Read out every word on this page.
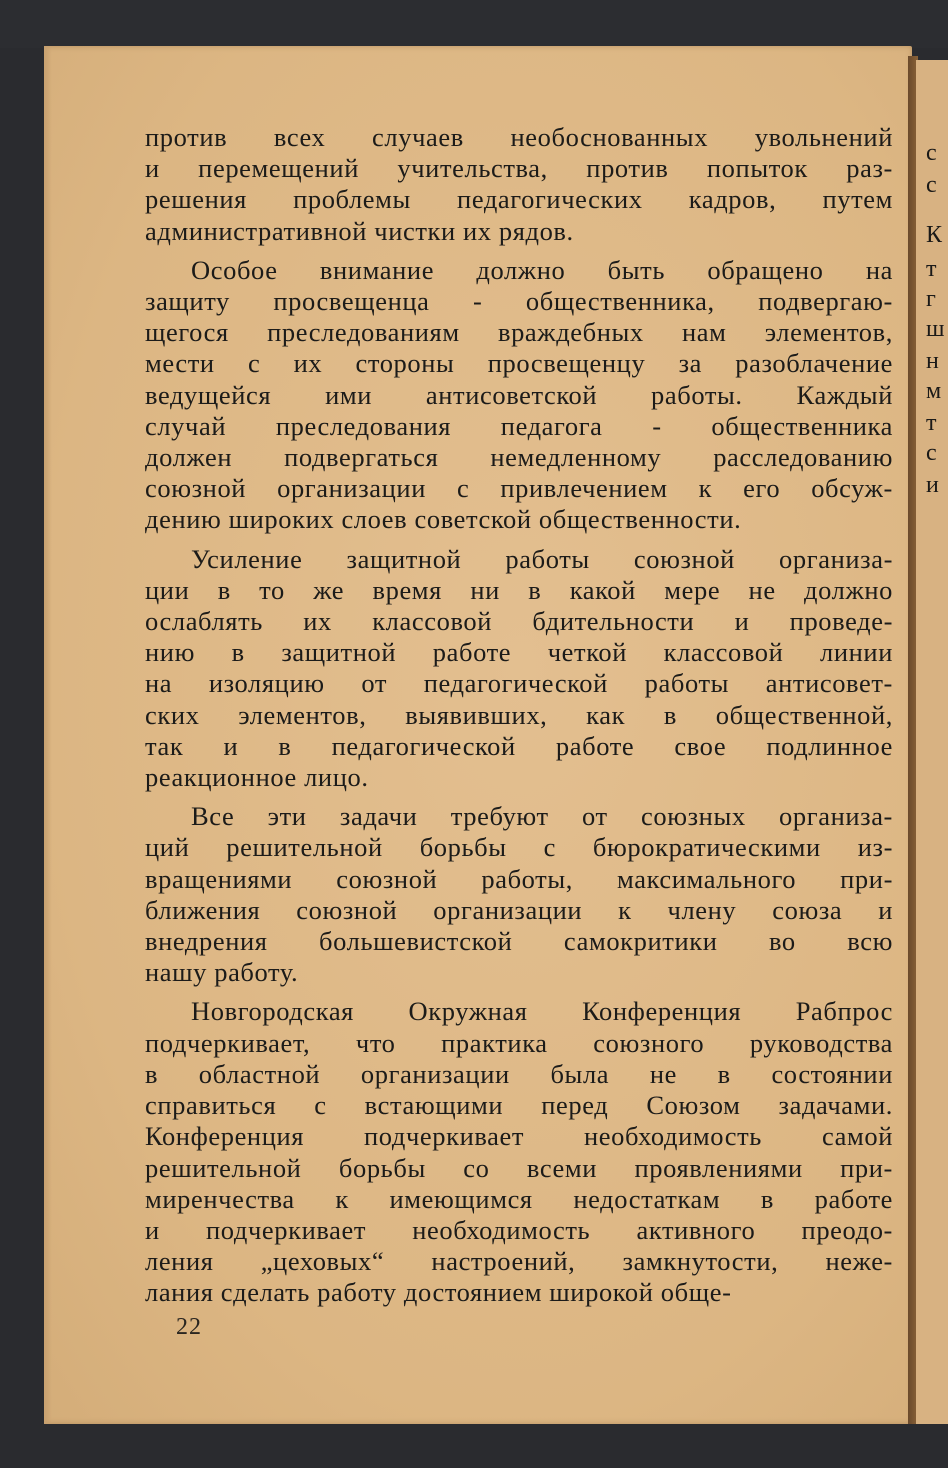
с
с
К
т
г
ш
н
м
т
с
и

против всех случаев необоснованных увольнений
и перемещений учительства, против попыток раз-
решения проблемы педагогических кадров, путем
административной чистки их рядов.

Особое внимание должно быть обращено на
защиту просвещенца - общественника, подвергаю-
щегося преследованиям враждебных нам элементов,
мести с их стороны просвещенцу за разоблачение
ведущейся ими антисоветской работы. Каждый
случай преследования педагога - общественника
должен подвергаться немедленному расследованию
союзной организации с привлечением к его обсуж-
дению широких слоев советской общественности.

Усиление защитной работы союзной организа-
ции в то же время ни в какой мере не должно
ослаблять их классовой бдительности и проведе-
нию в защитной работе четкой классовой линии
на изоляцию от педагогической работы антисовет-
ских элементов, выявивших, как в общественной,
так и в педагогической работе свое подлинное
реакционное лицо.

Все эти задачи требуют от союзных организа-
ций решительной борьбы с бюрократическими из-
вращениями союзной работы, максимального при-
ближения союзной организации к члену союза и
внедрения большевистской самокритики во всю
нашу работу.

Новгородская Окружная Конференция Рабпрос
подчеркивает, что практика союзного руководства
в областной организации была не в состоянии
справиться с встающими перед Союзом задачами.
Конференция подчеркивает необходимость самой
решительной борьбы со всеми проявлениями при-
миренчества к имеющимся недостаткам в работе
и подчеркивает необходимость активного преодо-
ления „цеховых“ настроений, замкнутости, неже-
лания сделать работу достоянием широкой обще-

22
